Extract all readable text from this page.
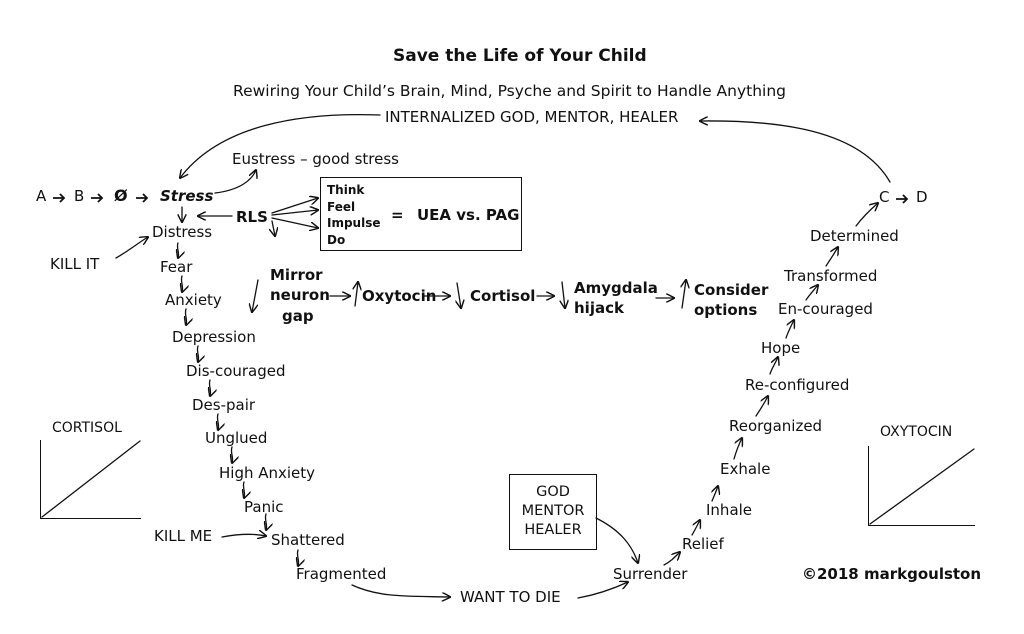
Save the Life of Your Child
Rewiring Your Child’s Brain, Mind, Psyche and Spirit to Handle Anything
INTERNALIZED GOD, MENTOR, HEALER
Eustress – good stress
A B Ø Stress
RLS
Think
Feel
Impulse
Do
= UEA vs. PAG
KILL IT
Distress
Fear
Anxiety
Depression
Dis-couraged
Des-pair
Unglued
High Anxiety
Panic
Shattered
Fragmented
Mirror
neuron
gap
Oxytocin Cortisol	Amygdala
hijack
Consider
options
CORTISOL
KILL ME
WANT TO DIE
GOD
MENTOR
HEALER
Surrender
Relief
Inhale
Exhale
Reorganized
Re-configured
Hope
En-couraged
Transformed
Determined
C D
OXYTOCIN
©2018 markgoulston
